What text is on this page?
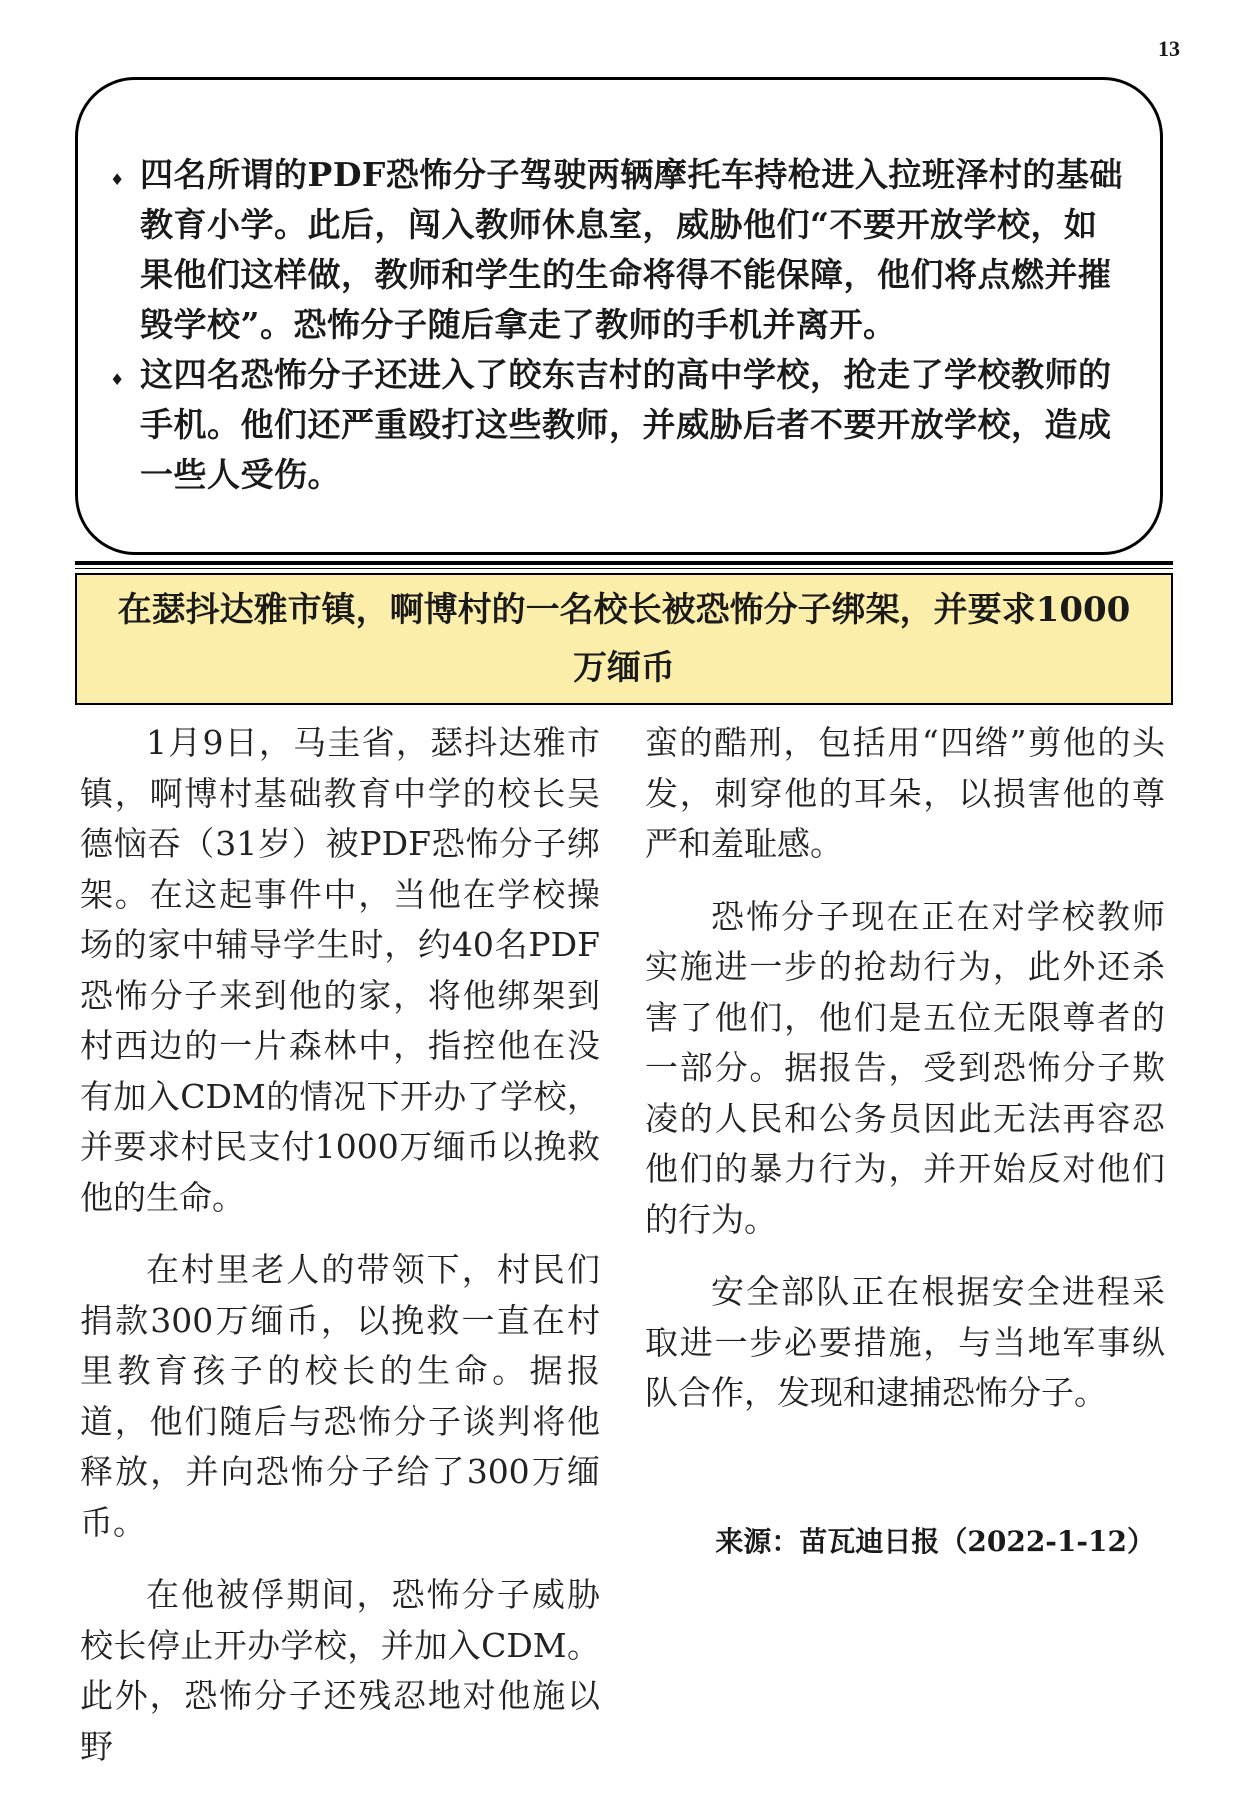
13
♦ 四名所谓的PDF恐怖分子驾驶两辆摩托车持枪进入拉班泽村的基础教育小学。此后，闯入教师休息室，威胁他们“不要开放学校，如果他们这样做，教师和学生的生命将得不能保障，他们将点燃并摧毁学校”。恐怖分子随后拿走了教师的手机并离开。
♦ 这四名恐怖分子还进入了皎东吉村的高中学校，抢走了学校教师的手机。他们还严重殴打这些教师，并威胁后者不要开放学校，造成一些人受伤。
在瑟抖达雅市镇，啊博村的一名校长被恐怖分子绑架，并要求1000万缅币

1月9日，马圭省，瑟抖达雅市镇，啊博村基础教育中学的校长吴德恼吞（31岁）被PDF恐怖分子绑架。在这起事件中，当他在学校操场的家中辅导学生时，约40名PDF恐怖分子来到他的家，将他绑架到村西边的一片森林中，指控他在没有加入CDM的情况下开办了学校，并要求村民支付1000万缅币以挽救他的生命。

在村里老人的带领下，村民们捐款300万缅币，以挽救一直在村里教育孩子的校长的生命。据报道，他们随后与恐怖分子谈判将他释放，并向恐怖分子给了300万缅币。

在他被俘期间，恐怖分子威胁校长停止开办学校，并加入CDM。此外，恐怖分子还残忍地对他施以野

蛮的酷刑，包括用“四绺”剪他的头发，刺穿他的耳朵，以损害他的尊严和羞耻感。

恐怖分子现在正在对学校教师实施进一步的抢劫行为，此外还杀害了他们，他们是五位无限尊者的一部分。据报告，受到恐怖分子欺凌的人民和公务员因此无法再容忍他们的暴力行为，并开始反对他们的行为。

安全部队正在根据安全进程采取进一步必要措施，与当地军事纵队合作，发现和逮捕恐怖分子。

来源：苗瓦迪日报（2022-1-12）
